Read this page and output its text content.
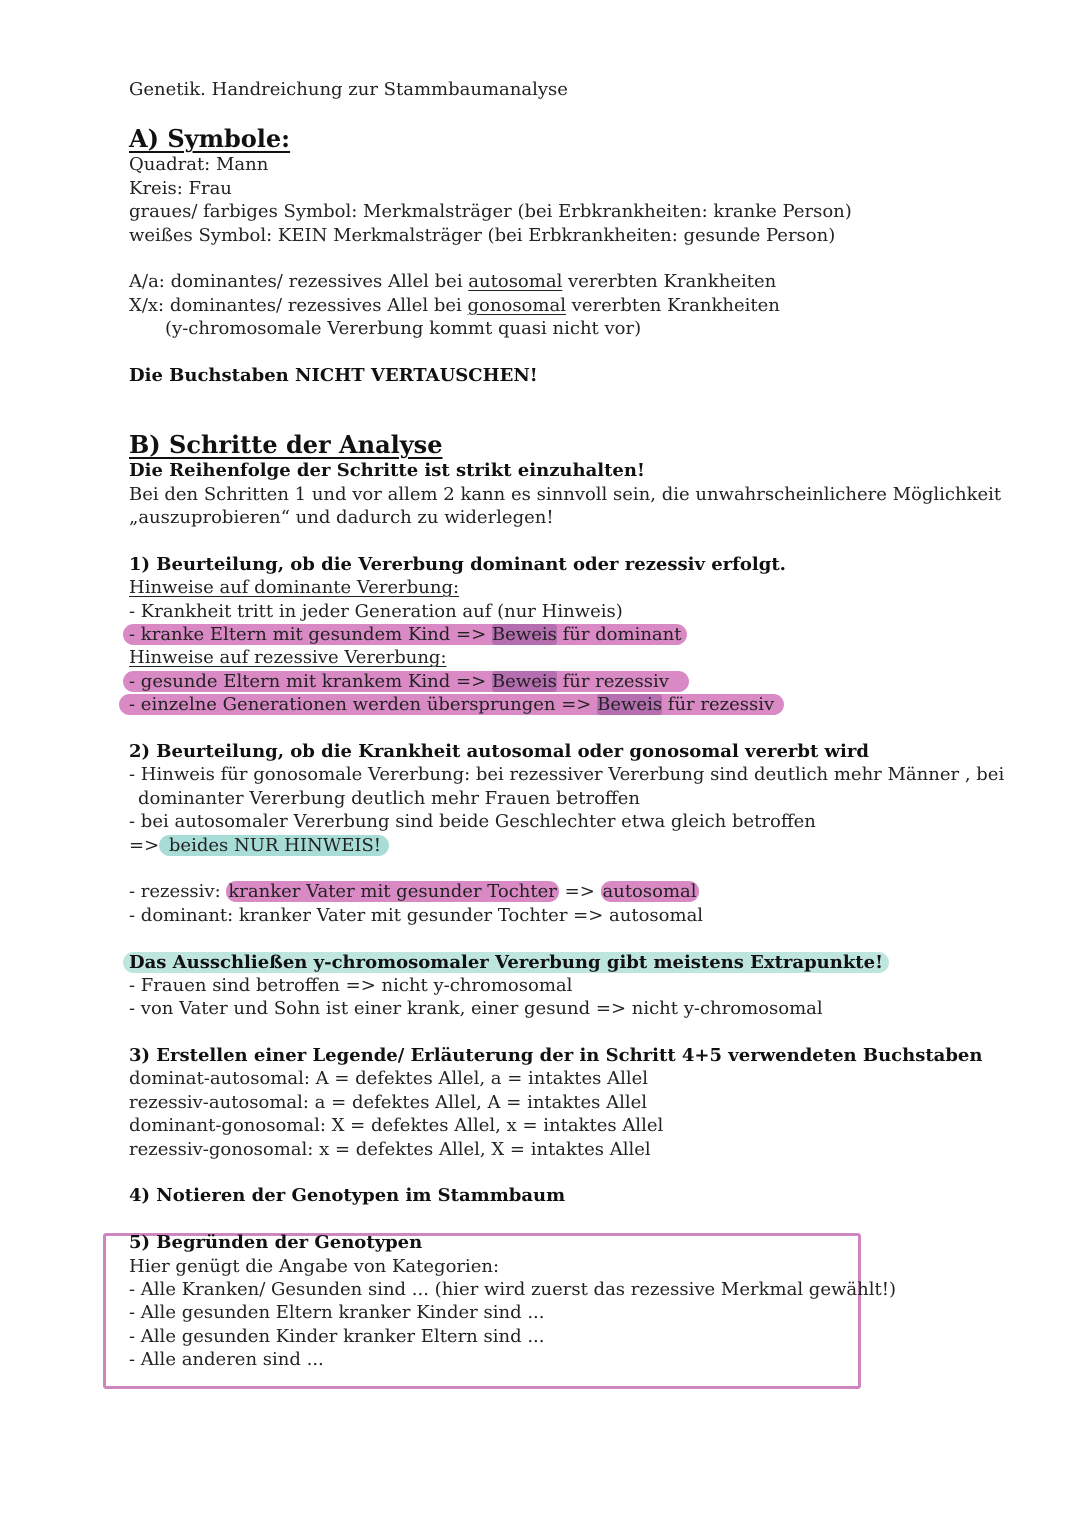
Genetik. Handreichung zur Stammbaumanalyse
A) Symbole:
Quadrat: Mann
Kreis: Frau
graues/ farbiges Symbol: Merkmalsträger (bei Erbkrankheiten: kranke Person)
weißes Symbol: KEIN Merkmalsträger (bei Erbkrankheiten: gesunde Person)
A/a: dominantes/ rezessives Allel bei autosomal vererbten Krankheiten
X/x: dominantes/ rezessives Allel bei gonosomal vererbten Krankheiten
(y-chromosomale Vererbung kommt quasi nicht vor)
Die Buchstaben NICHT VERTAUSCHEN!
B) Schritte der Analyse
Die Reihenfolge der Schritte ist strikt einzuhalten!
Bei den Schritten 1 und vor allem 2 kann es sinnvoll sein, die unwahrscheinlichere Möglichkeit
„auszuprobieren“ und dadurch zu widerlegen!
1) Beurteilung, ob die Vererbung dominant oder rezessiv erfolgt.
Hinweise auf dominante Vererbung:
- Krankheit tritt in jeder Generation auf (nur Hinweis)
- kranke Eltern mit gesundem Kind => Beweis für dominant
Hinweise auf rezessive Vererbung:
- gesunde Eltern mit krankem Kind => Beweis für rezessiv
- einzelne Generationen werden übersprungen => Beweis für rezessiv
2) Beurteilung, ob die Krankheit autosomal oder gonosomal vererbt wird
- Hinweis für gonosomale Vererbung: bei rezessiver Vererbung sind deutlich mehr Männer , bei
dominanter Vererbung deutlich mehr Frauen betroffen
- bei autosomaler Vererbung sind beide Geschlechter etwa gleich betroffen
=> beides NUR HINWEIS!
- rezessiv: kranker Vater mit gesunder Tochter => autosomal
- dominant: kranker Vater mit gesunder Tochter => autosomal
Das Ausschließen y-chromosomaler Vererbung gibt meistens Extrapunkte!
- Frauen sind betroffen => nicht y-chromosomal
- von Vater und Sohn ist einer krank, einer gesund => nicht y-chromosomal
3) Erstellen einer Legende/ Erläuterung der in Schritt 4+5 verwendeten Buchstaben
dominat-autosomal: A = defektes Allel, a = intaktes Allel
rezessiv-autosomal: a = defektes Allel, A = intaktes Allel
dominant-gonosomal: X = defektes Allel, x = intaktes Allel
rezessiv-gonosomal: x = defektes Allel, X = intaktes Allel
4) Notieren der Genotypen im Stammbaum
5) Begründen der Genotypen
Hier genügt die Angabe von Kategorien:
- Alle Kranken/ Gesunden sind ... (hier wird zuerst das rezessive Merkmal gewählt!)
- Alle gesunden Eltern kranker Kinder sind ...
- Alle gesunden Kinder kranker Eltern sind ...
- Alle anderen sind ...
